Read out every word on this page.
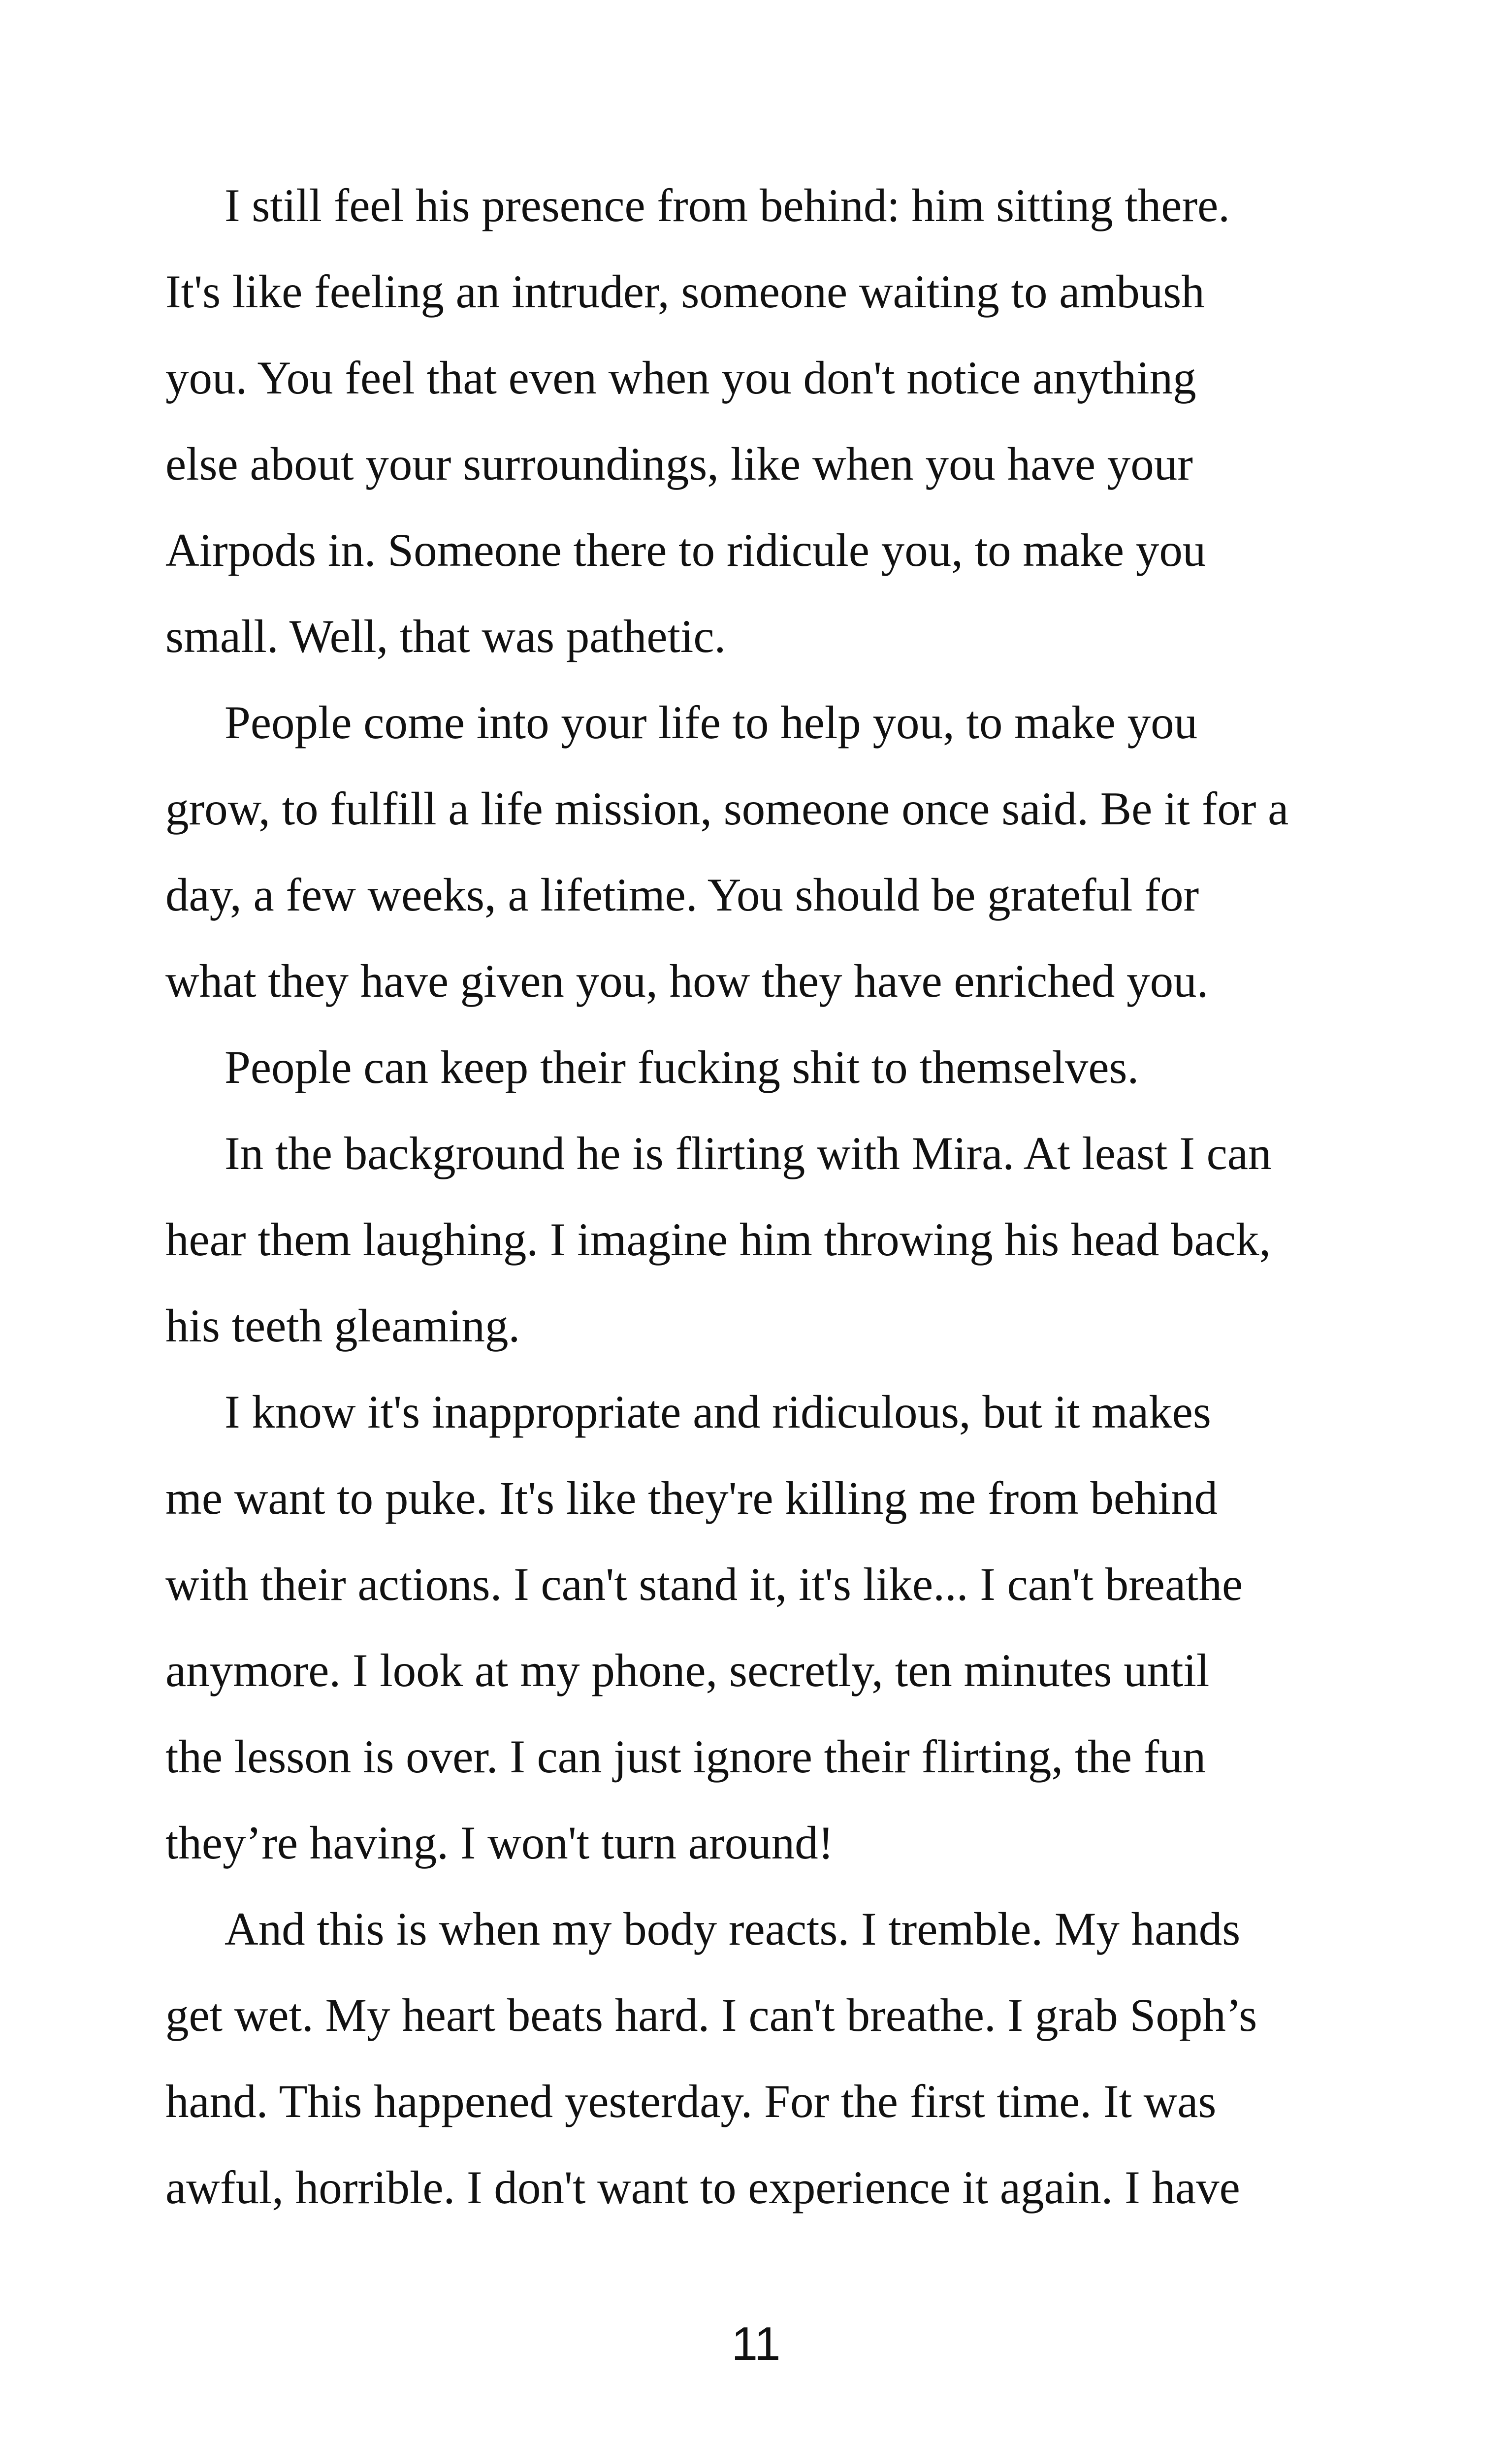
I still feel his presence from behind: him sitting there.
It's like feeling an intruder, someone waiting to ambush
you. You feel that even when you don't notice anything
else about your surroundings, like when you have your
Airpods in. Someone there to ridicule you, to make you
small. Well, that was pathetic.
People come into your life to help you, to make you
grow, to fulfill a life mission, someone once said. Be it for a
day, a few weeks, a lifetime. You should be grateful for
what they have given you, how they have enriched you.
People can keep their fucking shit to themselves.
In the background he is flirting with Mira. At least I can
hear them laughing. I imagine him throwing his head back,
his teeth gleaming.
I know it's inappropriate and ridiculous, but it makes
me want to puke. It's like they're killing me from behind
with their actions. I can't stand it, it's like... I can't breathe
anymore. I look at my phone, secretly, ten minutes until
the lesson is over. I can just ignore their flirting, the fun
they’re having. I won't turn around!
And this is when my body reacts. I tremble. My hands
get wet. My heart beats hard. I can't breathe. I grab Soph’s
hand. This happened yesterday. For the first time. It was
awful, horrible. I don't want to experience it again. I have
11
